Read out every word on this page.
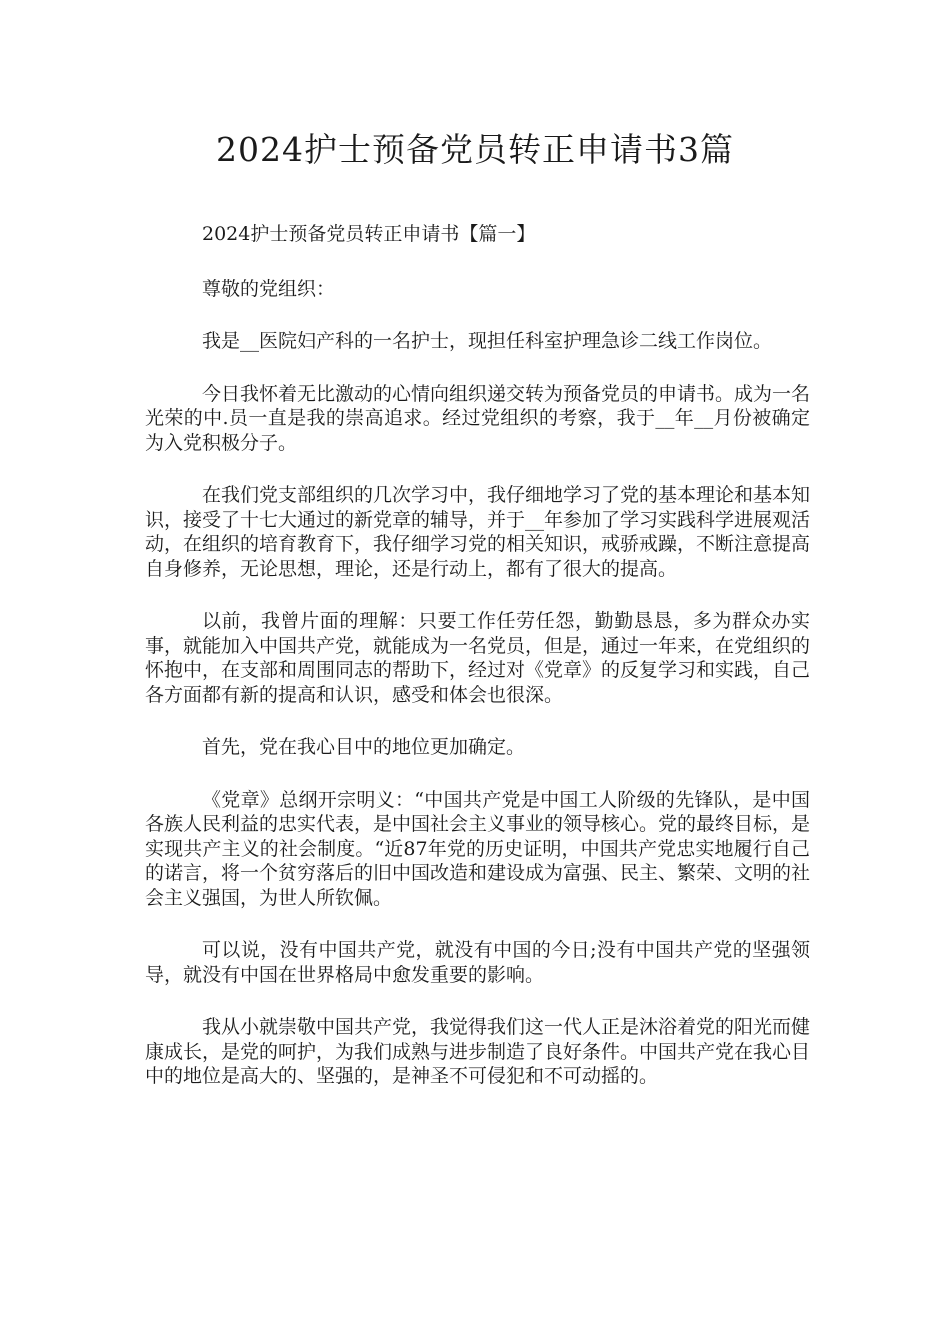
2024护士预备党员转正申请书3篇

2024护士预备党员转正申请书【篇一】

尊敬的党组织：

我是__医院妇产科的一名护士，现担任科室护理急诊二线工作岗位。

今日我怀着无比激动的心情向组织递交转为预备党员的申请书。成为一名光荣的中.员一直是我的崇高追求。经过党组织的考察，我于__年__月份被确定为入党积极分子。

在我们党支部组织的几次学习中，我仔细地学习了党的基本理论和基本知识，接受了十七大通过的新党章的辅导，并于__年参加了学习实践科学进展观活动，在组织的培育教育下，我仔细学习党的相关知识，戒骄戒躁，不断注意提高自身修养，无论思想，理论，还是行动上，都有了很大的提高。

以前，我曾片面的理解：只要工作任劳任怨，勤勤恳恳，多为群众办实事，就能加入中国共产党，就能成为一名党员，但是，通过一年来，在党组织的怀抱中，在支部和周围同志的帮助下，经过对《党章》的反复学习和实践，自己各方面都有新的提高和认识，感受和体会也很深。

首先，党在我心目中的地位更加确定。

《党章》总纲开宗明义：“中国共产党是中国工人阶级的先锋队，是中国各族人民利益的忠实代表，是中国社会主义事业的领导核心。党的最终目标，是实现共产主义的社会制度。“近87年党的历史证明，中国共产党忠实地履行自己的诺言，将一个贫穷落后的旧中国改造和建设成为富强、民主、繁荣、文明的社会主义强国，为世人所钦佩。

可以说，没有中国共产党，就没有中国的今日;没有中国共产党的坚强领导，就没有中国在世界格局中愈发重要的影响。

我从小就崇敬中国共产党，我觉得我们这一代人正是沐浴着党的阳光而健康成长，是党的呵护，为我们成熟与进步制造了良好条件。中国共产党在我心目中的地位是高大的、坚强的，是神圣不可侵犯和不可动摇的。
